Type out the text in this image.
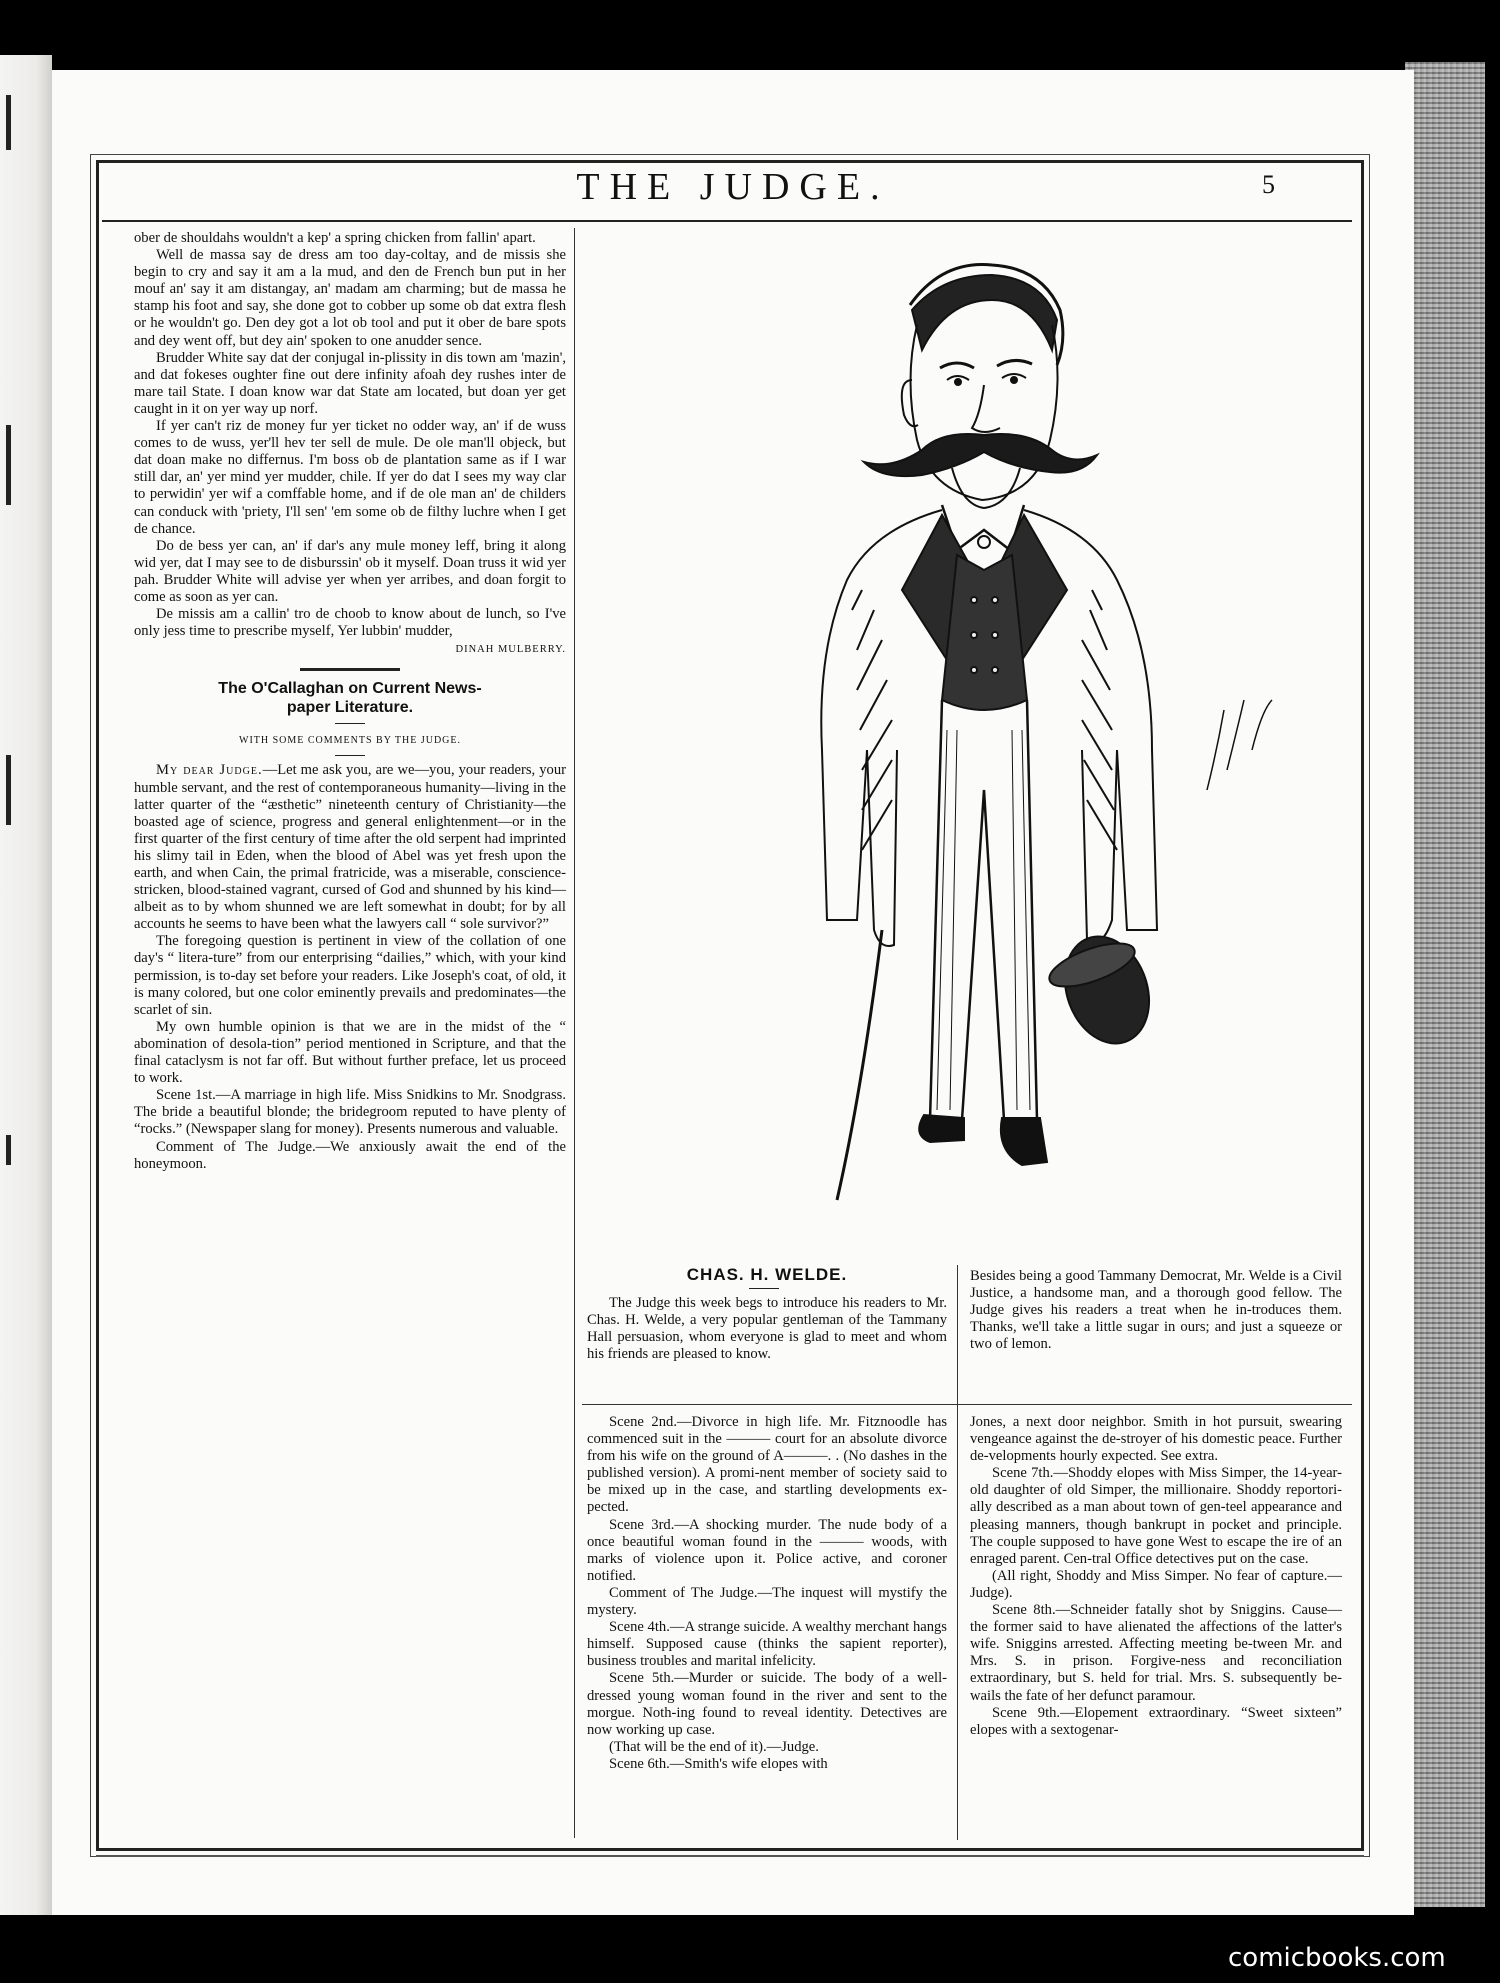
THE JUDGE.	5

ober de shouldahs wouldn't a kep' a spring chicken from fallin' apart.

Well de massa say de dress am too day-coltay, and de missis she begin to cry and say it am a la mud, and den de French bun put in her mouf an' say it am distangay, an' madam am charming; but de massa he stamp his foot and say, she done got to cobber up some ob dat extra flesh or he wouldn't go. Den dey got a lot ob tool and put it ober de bare spots and dey went off, but dey ain' spoken to one anudder sence.

Brudder White say dat der conjugal in-plissity in dis town am 'mazin', and dat fokeses oughter fine out dere infinity afoah dey rushes inter de mare tail State. I doan know war dat State am located, but doan yer get caught in it on yer way up norf.

If yer can't riz de money fur yer ticket no odder way, an' if de wuss comes to de wuss, yer'll hev ter sell de mule. De ole man'll objeck, but dat doan make no differnus. I'm boss ob de plantation same as if I war still dar, an' yer mind yer mudder, chile. If yer do dat I sees my way clar to perwidin' yer wif a comffable home, and if de ole man an' de childers can conduck with 'priety, I'll sen' 'em some ob de filthy luchre when I get de chance.

Do de bess yer can, an' if dar's any mule money leff, bring it along wid yer, dat I may see to de disburssin' ob it myself. Doan truss it wid yer pah. Brudder White will advise yer when yer arribes, and doan forgit to come as soon as yer can.

De missis am a callin' tro de choob to know about de lunch, so I've only jess time to prescribe myself, Yer lubbin' mudder,

DINAH MULBERRY.
The O'Callaghan on Current News-
paper Literature.
WITH SOME COMMENTS BY THE JUDGE.

My dear Judge.—Let me ask you, are we—you, your readers, your humble servant, and the rest of contemporaneous humanity—living in the latter quarter of the “æsthetic” nineteenth century of Christianity—the boasted age of science, progress and general enlightenment—or in the first quarter of the first century of time after the old serpent had imprinted his slimy tail in Eden, when the blood of Abel was yet fresh upon the earth, and when Cain, the primal fratricide, was a miserable, conscience-stricken, blood-stained vagrant, cursed of God and shunned by his kind—albeit as to by whom shunned we are left somewhat in doubt; for by all accounts he seems to have been what the lawyers call “ sole survivor?”

The foregoing question is pertinent in view of the collation of one day's “ litera-ture” from our enterprising “dailies,” which, with your kind permission, is to-day set before your readers. Like Joseph's coat, of old, it is many colored, but one color eminently prevails and predominates—the scarlet of sin.

My own humble opinion is that we are in the midst of the “ abomination of desola-tion” period mentioned in Scripture, and that the final cataclysm is not far off. But without further preface, let us proceed to work.

Scene 1st.—A marriage in high life. Miss Snidkins to Mr. Snodgrass. The bride a beautiful blonde; the bridegroom reputed to have plenty of “rocks.” (Newspaper slang for money). Presents numerous and valuable.

Comment of The Judge.—We anxiously await the end of the honeymoon.

CHAS. H. WELDE.

The Judge this week begs to introduce his readers to Mr. Chas. H. Welde, a very popular gentleman of the Tammany Hall persuasion, whom everyone is glad to meet and whom his friends are pleased to know.

Besides being a good Tammany Democrat, Mr. Welde is a Civil Justice, a handsome man, and a thorough good fellow. The Judge gives his readers a treat when he in-troduces them. Thanks, we'll take a little sugar in ours; and just a squeeze or two of lemon.

Scene 2nd.—Divorce in high life. Mr. Fitznoodle has commenced suit in the ——— court for an absolute divorce from his wife on the ground of A———. . (No dashes in the published version). A promi-nent member of society said to be mixed up in the case, and startling developments ex-pected.

Scene 3rd.—A shocking murder. The nude body of a once beautiful woman found in the ——— woods, with marks of violence upon it. Police active, and coroner notified.

Comment of The Judge.—The inquest will mystify the mystery.

Scene 4th.—A strange suicide. A wealthy merchant hangs himself. Supposed cause (thinks the sapient reporter), business troubles and marital infelicity.

Scene 5th.—Murder or suicide. The body of a well-dressed young woman found in the river and sent to the morgue. Noth-ing found to reveal identity. Detectives are now working up case.

(That will be the end of it).—Judge.

Scene 6th.—Smith's wife elopes with

Jones, a next door neighbor. Smith in hot pursuit, swearing vengeance against the de-stroyer of his domestic peace. Further de-velopments hourly expected. See extra.

Scene 7th.—Shoddy elopes with Miss Simper, the 14-year-old daughter of old Simper, the millionaire. Shoddy reportori-ally described as a man about town of gen-teel appearance and pleasing manners, though bankrupt in pocket and principle. The couple supposed to have gone West to escape the ire of an enraged parent. Cen-tral Office detectives put on the case.

(All right, Shoddy and Miss Simper. No fear of capture.—Judge).

Scene 8th.—Schneider fatally shot by Sniggins. Cause—the former said to have alienated the affections of the latter's wife. Sniggins arrested. Affecting meeting be-tween Mr. and Mrs. S. in prison. Forgive-ness and reconciliation extraordinary, but S. held for trial. Mrs. S. subsequently be-wails the fate of her defunct paramour.

Scene 9th.—Elopement extraordinary. “Sweet sixteen” elopes with a sextogenar-

comicbooks.com
